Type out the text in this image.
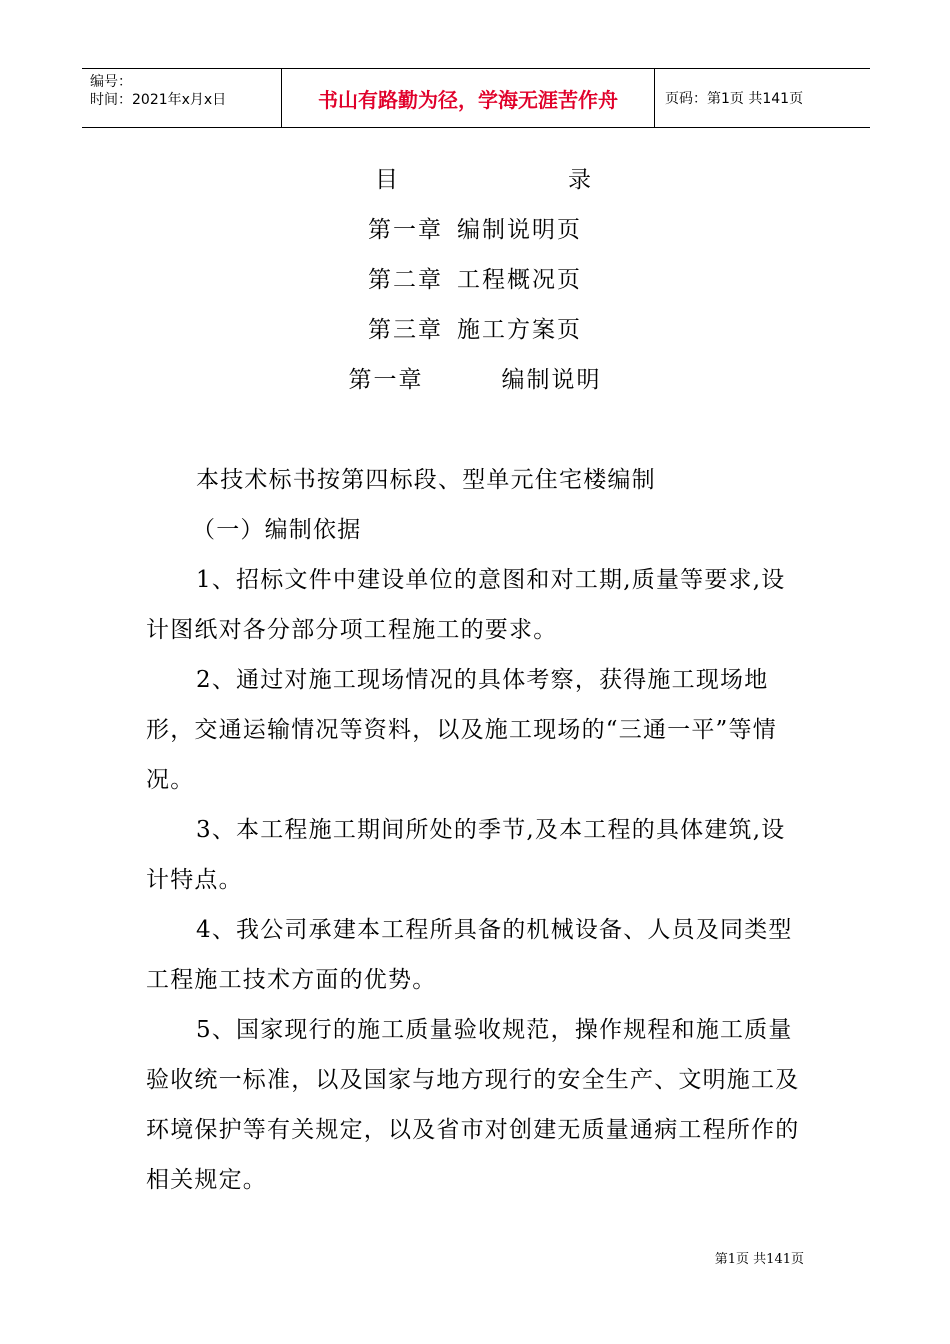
编号：
时间：2021年x月x日	书山有路勤为径，学海无涯苦作舟	页码：第1页 共141页
目	录
第一章 编制说明页
第二章 工程概况页
第三章 施工方案页
第一章	编制说明

本技术标书按第四标段、型单元住宅楼编制

（一）编制依据

1、招标文件中建设单位的意图和对工期,质量等要求,设计图纸对各分部分项工程施工的要求。

2、通过对施工现场情况的具体考察，获得施工现场地形，交通运输情况等资料，以及施工现场的“三通一平”等情况。

3、本工程施工期间所处的季节,及本工程的具体建筑,设计特点。

4、我公司承建本工程所具备的机械设备、人员及同类型工程施工技术方面的优势。

5、国家现行的施工质量验收规范，操作规程和施工质量验收统一标准，以及国家与地方现行的安全生产、文明施工及环境保护等有关规定，以及省市对创建无质量通病工程所作的相关规定。

第1页 共141页
